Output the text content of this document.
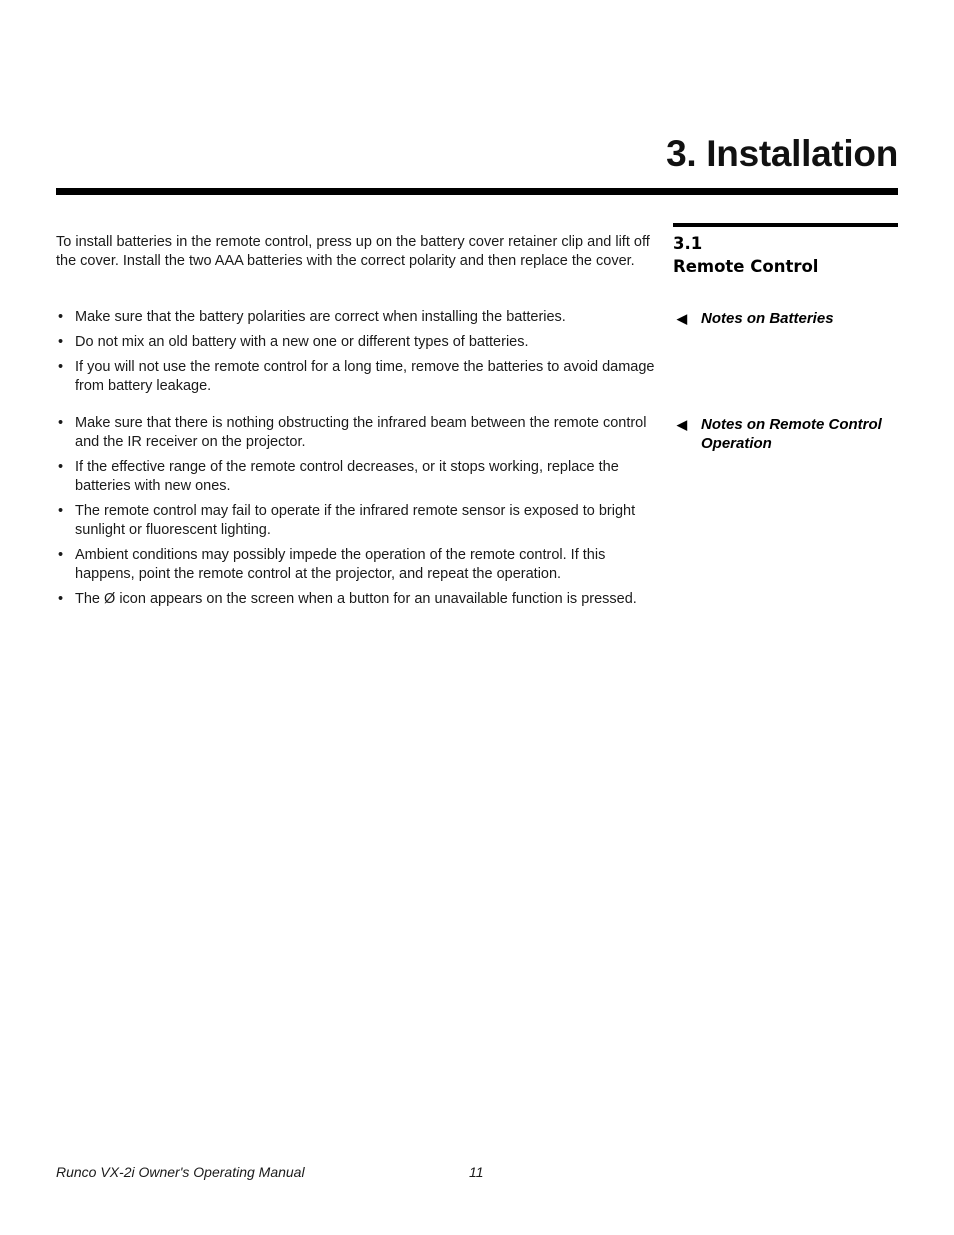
3. Installation
3.1
Remote Control

To install batteries in the remote control, press up on the battery cover retainer clip and lift off the cover. Install the two AAA batteries with the correct polarity and then replace the cover.

◀ Notes on Batteries
• Make sure that the battery polarities are correct when installing the batteries.
• Do not mix an old battery with a new one or different types of batteries.
• If you will not use the remote control for a long time, remove the batteries to avoid damage from battery leakage.
◀ Notes on Remote Control Operation
• Make sure that there is nothing obstructing the infrared beam between the remote control and the IR receiver on the projector.
• If the effective range of the remote control decreases, or it stops working, replace the batteries with new ones.
• The remote control may fail to operate if the infrared remote sensor is exposed to bright sunlight or fluorescent lighting.
• Ambient conditions may possibly impede the operation of the remote control. If this happens, point the remote control at the projector, and repeat the operation.
• The Ø icon appears on the screen when a button for an unavailable function is pressed.
Runco VX-2i Owner's Operating Manual	11
